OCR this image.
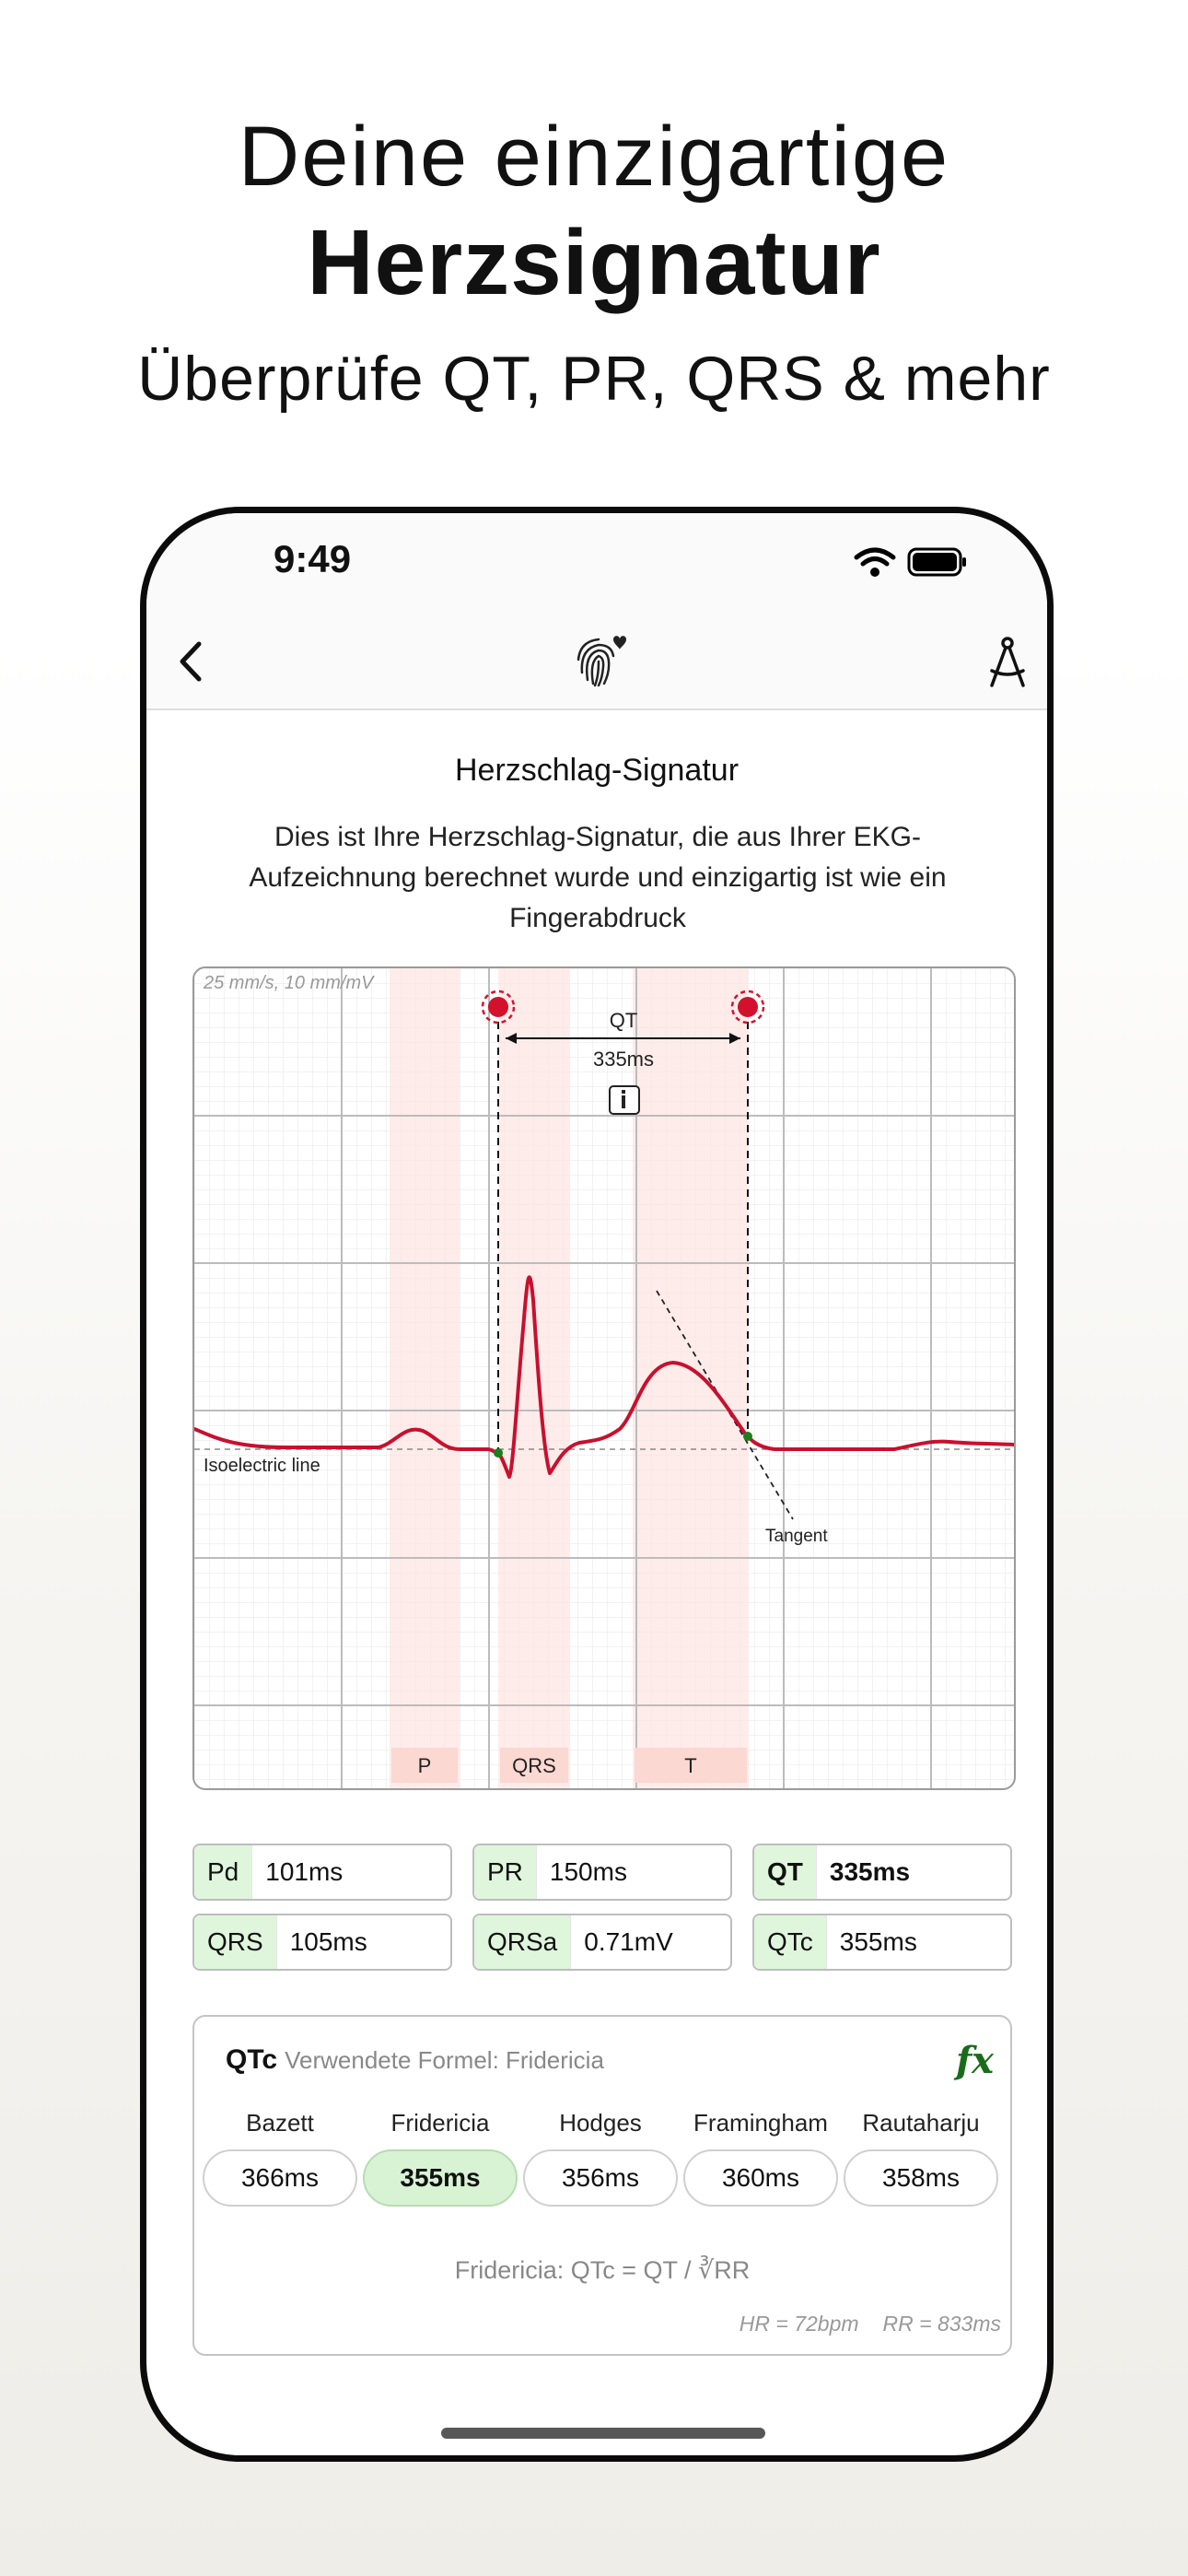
Deine einzigartige
Herzsignatur
Überprüfe QT, PR, QRS & mehr
9:49
Herzschlag-Signatur
Dies ist Ihre Herzschlag-Signatur, die aus Ihrer EKG-Aufzeichnung berechnet wurde und einzigartig ist wie ein Fingerabdruck
25 mm/s, 10 mm/mV
Isoelectric line
QT
335ms
Tangent
P	QRS	T
Pd	101ms	PR	150ms	QT	335ms
QRS	105ms	QRSa	0.71mV	QTc	355ms
QTc Verwendete Formel: Fridericia	fx
Bazett	Fridericia	Hodges	Framingham	Rautaharju
366ms	355ms	356ms	360ms	358ms
Fridericia: QTc = QT / ∛RR
HR = 72bpm RR = 833ms
